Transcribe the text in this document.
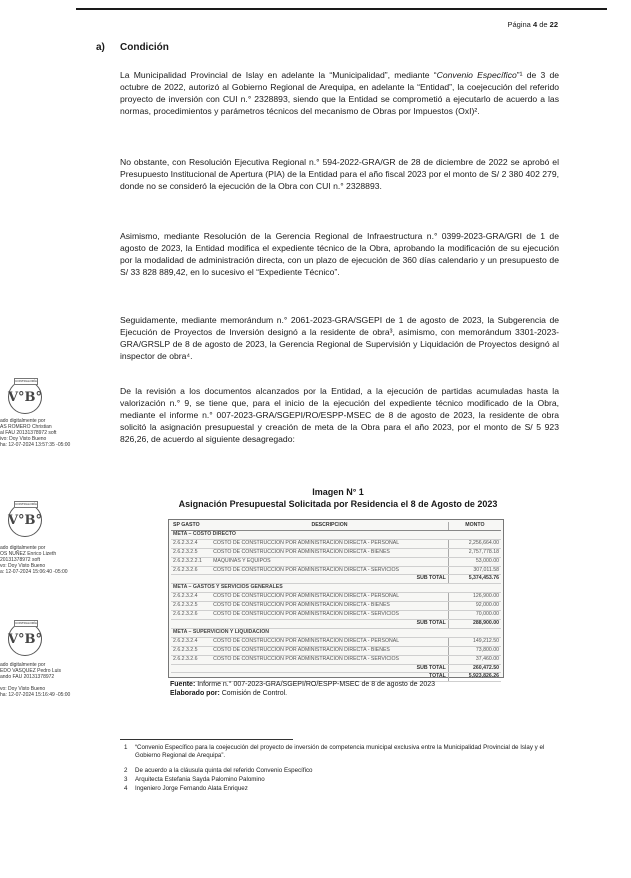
Página 4 de 22
a) Condición

La Municipalidad Provincial de Islay en adelante la “Municipalidad”, mediante “Convenio Específico”¹ de 3 de octubre de 2022, autorizó al Gobierno Regional de Arequipa, en adelante la “Entidad”, la coejecución del referido proyecto de inversión con CUI n.° 2328893, siendo que la Entidad se comprometió a ejecutarlo de acuerdo a las normas, procedimientos y parámetros técnicos del mecanismo de Obras por Impuestos (OxI)².

No obstante, con Resolución Ejecutiva Regional n.° 594-2022-GRA/GR de 28 de diciembre de 2022 se aprobó el Presupuesto Institucional de Apertura (PIA) de la Entidad para el año fiscal 2023 por el monto de S/ 2 380 402 279, donde no se consideró la ejecución de la Obra con CUI n.° 2328893.

Asimismo, mediante Resolución de la Gerencia Regional de Infraestructura n.° 0399-2023-GRA/GRI de 1 de agosto de 2023, la Entidad modifica el expediente técnico de la Obra, aprobando la modificación de su ejecución por la modalidad de administración directa, con un plazo de ejecución de 360 días calendario y un presupuesto de S/ 33 828 889,42, en lo sucesivo el “Expediente Técnico”.

Seguidamente, mediante memorándum n.° 2061-2023-GRA/SGEPI de 1 de agosto de 2023, la Subgerencia de Ejecución de Proyectos de Inversión designó a la residente de obra³, asimismo, con memorándum 3301-2023-GRA/GRSLP de 8 de agosto de 2023, la Gerencia Regional de Supervisión y Liquidación de Proyectos designó al inspector de obra⁴.

De la revisión a los documentos alcanzados por la Entidad, a la ejecución de partidas acumuladas hasta la valorización n.° 9, se tiene que, para el inicio de la ejecución del expediente técnico modificado de la Obra, mediante el informe n.° 007-2023-GRA/SGEPI/RO/ESPP-MSEC de 8 de agosto de 2023, la residente de obra solicitó la asignación presupuestal y creación de meta de la Obra para el año 2023, por el monto de S/ 5 923 826,26, de acuerdo al siguiente desagregado:

CONTRALORÍA
V°B°
ado digitalmente por
AS ROMERO Christian
al FAU 20131378972 soft
ivo: Doy Visto Bueno
ha: 12-07-2024 13:57:35 -05:00
CONTRALORÍA
V°B°
ado digitalmente por
OS NUÑEZ Enrico Lizeth
20131378972 soft
vo: Doy Visto Bueno
a: 12-07-2024 15:06:40 -05:00
CONTRALORÍA
V°B°
ado digitalmente por
EDO VASQUEZ Pedro Luis
ando FAU 20131378972

vo: Doy Visto Bueno
ha: 12-07-2024 15:16:49 -05:00
Imagen N° 1
Asignación Presupuestal Solicitada por Residencia el 8 de Agosto de 2023
SP GASTO	DESCRIPCION	MONTO
META – COSTO DIRECTO		
2.6.2.3.2.4	COSTO DE CONSTRUCCION POR ADMINISTRACION DIRECTA - PERSONAL	2,256,664.00
2.6.2.3.2.5	COSTO DE CONSTRUCCION POR ADMINISTRACION DIRECTA - BIENES	2,757,778.18
2.6.2.3.2.2.1	MAQUINAS Y EQUIPOS	53,000.00
2.6.2.3.2.6	COSTO DE CONSTRUCCION POR ADMINISTRACION DIRECTA - SERVICIOS	307,011.58
	SUB TOTAL	5,374,453.76
META – GASTOS Y SERVICIOS GENERALES		
2.6.2.3.2.4	COSTO DE CONSTRUCCION POR ADMINISTRACION DIRECTA - PERSONAL	126,900.00
2.6.2.3.2.5	COSTO DE CONSTRUCCION POR ADMINISTRACION DIRECTA - BIENES	92,000.00
2.6.2.3.2.6	COSTO DE CONSTRUCCION POR ADMINISTRACION DIRECTA - SERVICIOS	70,000.00
	SUB TOTAL	288,900.00
META – SUPERVICION Y LIQUIDACION		
2.6.2.3.2.4	COSTO DE CONSTRUCCION POR ADMINISTRACION DIRECTA - PERSONAL	149,212.50
2.6.2.3.2.5	COSTO DE CONSTRUCCION POR ADMINISTRACION DIRECTA - BIENES	73,800.00
2.6.2.3.2.6	COSTO DE CONSTRUCCION POR ADMINISTRACION DIRECTA - SERVICIOS	37,460.00
	SUB TOTAL	260,472.50
	TOTAL	5,923,826.26
Fuente: Informe n.° 007-2023-GRA/SGEPI/RO/ESPP-MSEC de 8 de agosto de 2023
Elaborado por: Comisión de Control.
1 “Convenio Específico para la coejecución del proyecto de inversión de competencia municipal exclusiva entre la Municipalidad Provincial de Islay y el Gobierno Regional de Arequipa”.
2 De acuerdo a la cláusula quinta del referido Convenio Específico
3 Arquitecta Estefania Sayda Palomino Palomino
4 Ingeniero Jorge Fernando Alata Enriquez
